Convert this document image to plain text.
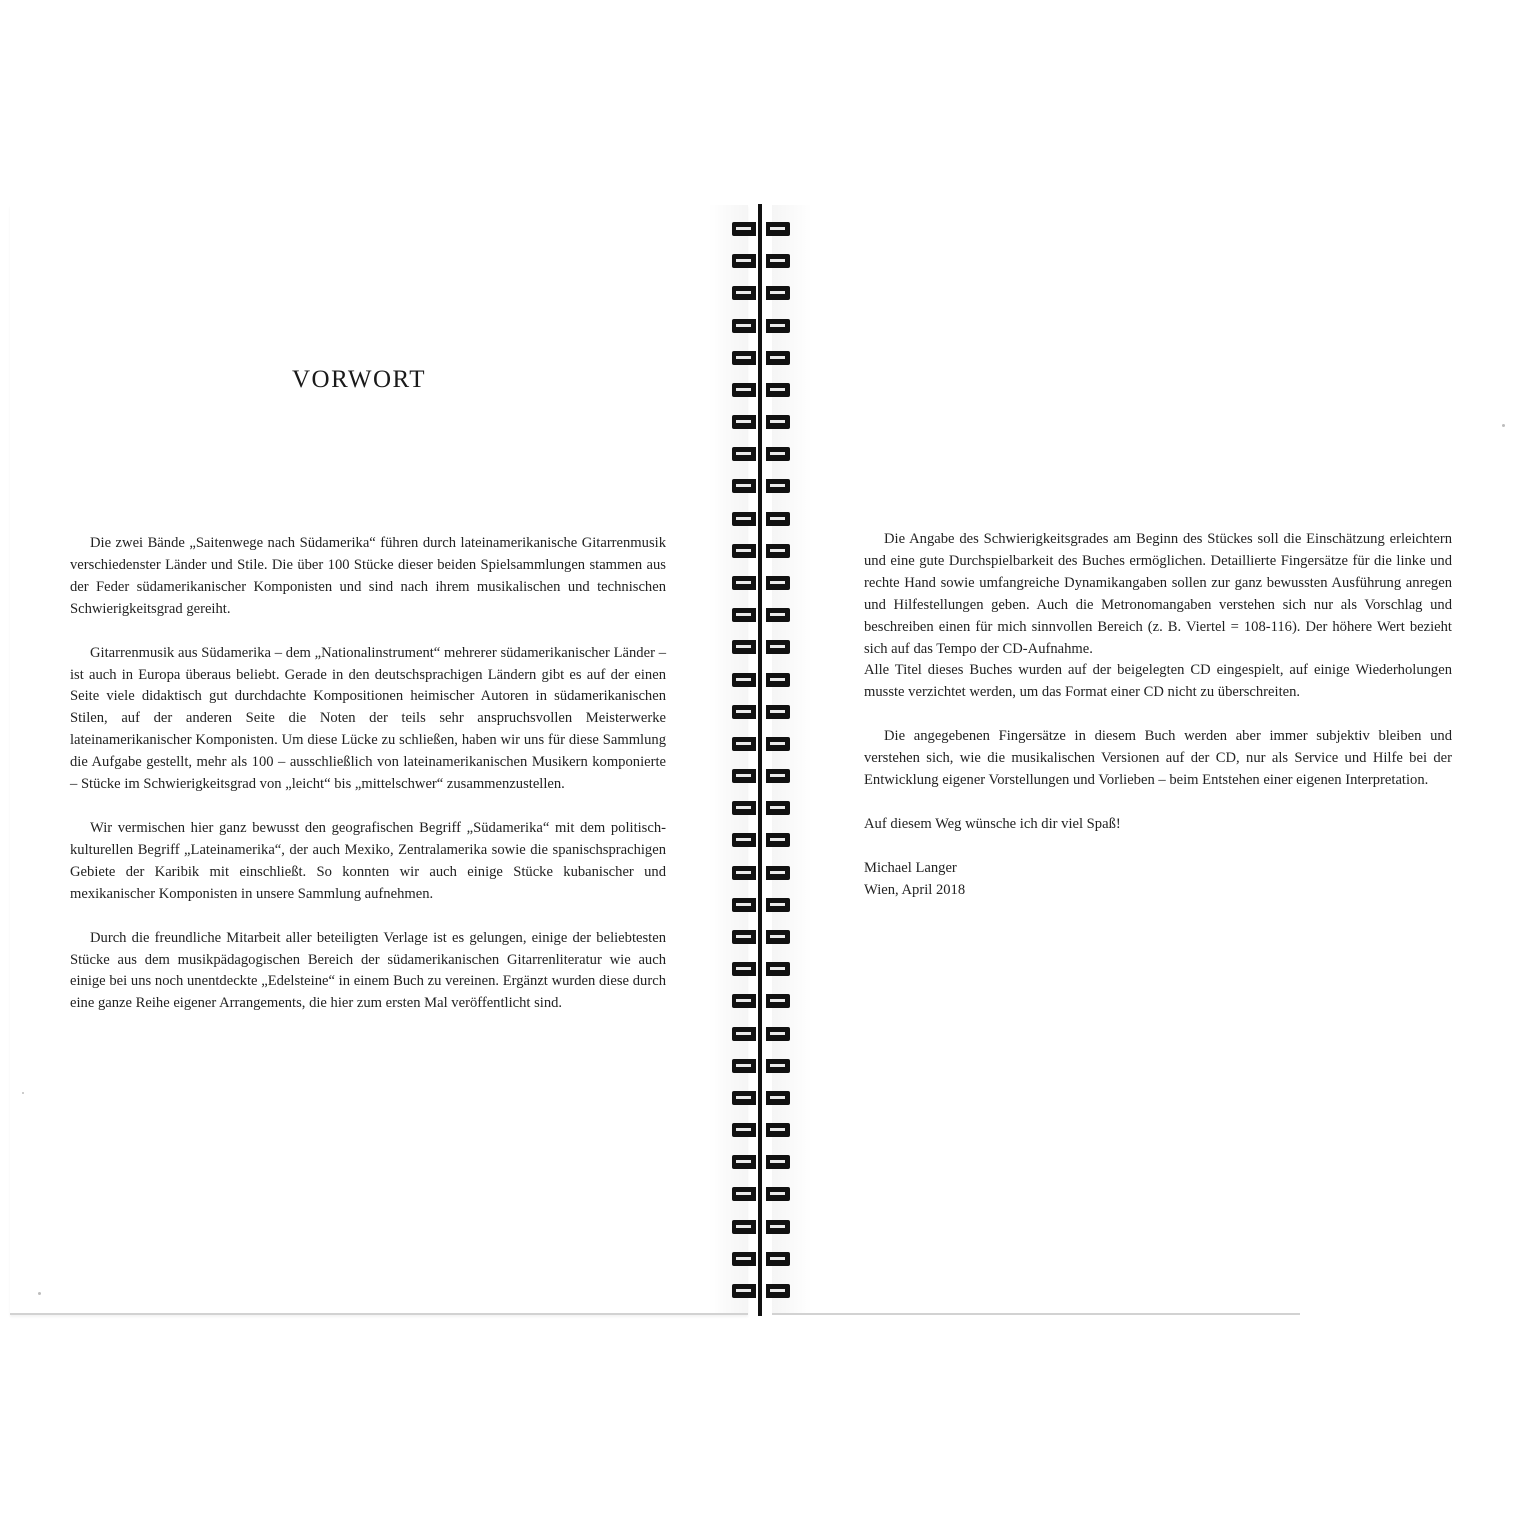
VORWORT

Die zwei Bände „Saitenwege nach Südamerika“ führen durch lateinamerikanische Gitarrenmusik verschiedenster Länder und Stile. Die über 100 Stücke dieser beiden Spielsammlungen stammen aus der Feder südamerikanischer Komponisten und sind nach ihrem musikalischen und technischen Schwierigkeitsgrad gereiht.

Gitarrenmusik aus Südamerika – dem „Nationalinstrument“ mehrerer südamerikanischer Länder – ist auch in Europa überaus beliebt. Gerade in den deutschsprachigen Ländern gibt es auf der einen Seite viele didaktisch gut durchdachte Kompositionen heimischer Autoren in südamerikanischen Stilen, auf der anderen Seite die Noten der teils sehr anspruchsvollen Meisterwerke lateinamerikanischer Komponisten. Um diese Lücke zu schließen, haben wir uns für diese Sammlung die Aufgabe gestellt, mehr als 100 – ausschließlich von lateinamerikanischen Musikern komponierte – Stücke im Schwierigkeitsgrad von „leicht“ bis „mittelschwer“ zusammenzustellen.

Wir vermischen hier ganz bewusst den geografischen Begriff „Südamerika“ mit dem politisch-kulturellen Begriff „Lateinamerika“, der auch Mexiko, Zentralamerika sowie die spanischsprachigen Gebiete der Karibik mit einschließt. So konnten wir auch einige Stücke kubanischer und mexikanischer Komponisten in unsere Sammlung aufnehmen.

Durch die freundliche Mitarbeit aller beteiligten Verlage ist es gelungen, einige der beliebtesten Stücke aus dem musikpädagogischen Bereich der südamerikanischen Gitarrenliteratur wie auch einige bei uns noch unentdeckte „Edelsteine“ in einem Buch zu vereinen. Ergänzt wurden diese durch eine ganze Reihe eigener Arrangements, die hier zum ersten Mal veröffentlicht sind.

Die Angabe des Schwierigkeitsgrades am Beginn des Stückes soll die Einschätzung erleichtern und eine gute Durchspielbarkeit des Buches ermöglichen. Detaillierte Fingersätze für die linke und rechte Hand sowie umfangreiche Dynamikangaben sollen zur ganz bewussten Ausführung anregen und Hilfestellungen geben. Auch die Metronomangaben verstehen sich nur als Vorschlag und beschreiben einen für mich sinnvollen Bereich (z. B. Viertel = 108-116). Der höhere Wert bezieht sich auf das Tempo der CD-Aufnahme.

Alle Titel dieses Buches wurden auf der beigelegten CD eingespielt, auf einige Wiederholungen musste verzichtet werden, um das Format einer CD nicht zu überschreiten.

Die angegebenen Fingersätze in diesem Buch werden aber immer subjektiv bleiben und verstehen sich, wie die musikalischen Versionen auf der CD, nur als Service und Hilfe bei der Entwicklung eigener Vorstellungen und Vorlieben – beim Entstehen einer eigenen Interpretation.

Auf diesem Weg wünsche ich dir viel Spaß!

Michael Langer

Wien, April 2018
